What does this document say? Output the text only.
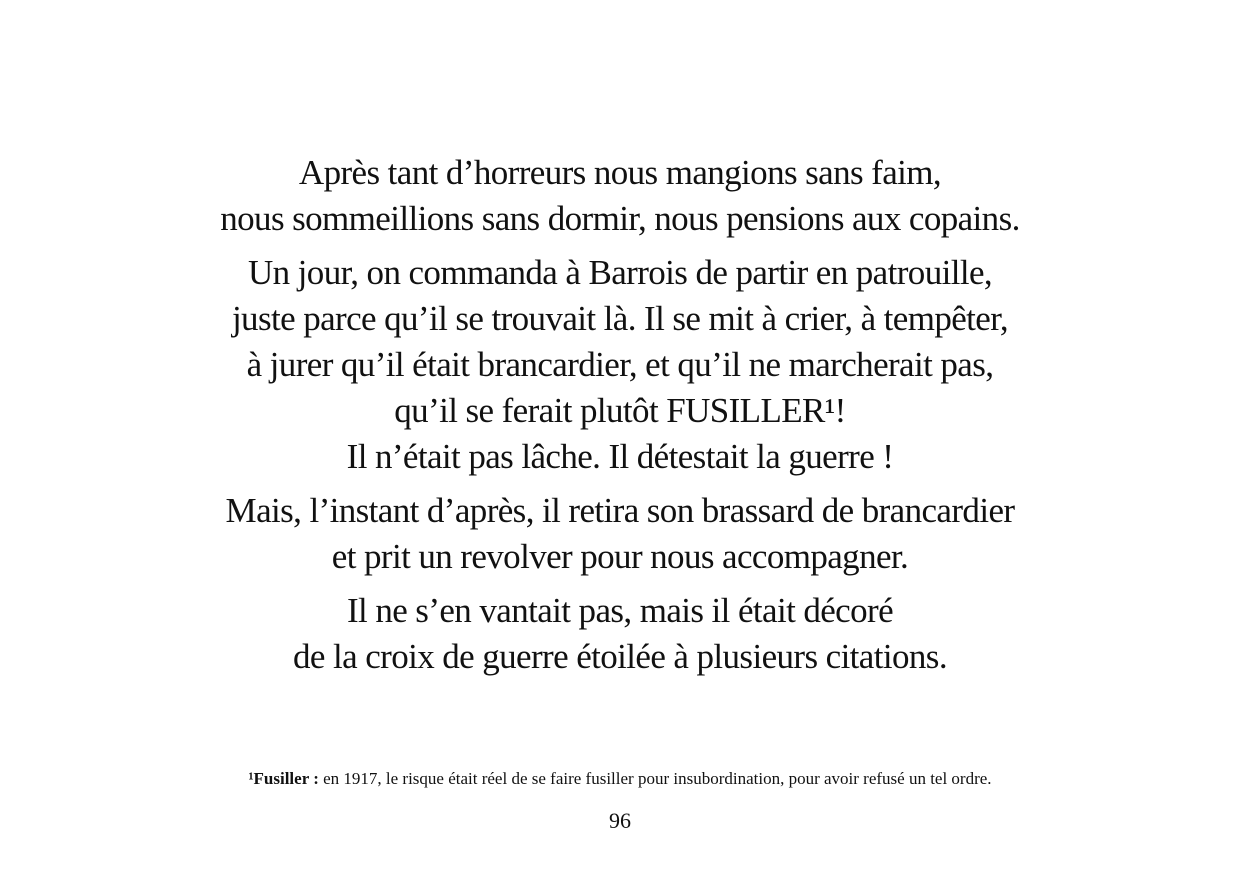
Après tant d’horreurs nous mangions sans faim,
nous sommeillions sans dormir, nous pensions aux copains.

Un jour, on commanda à Barrois de partir en patrouille,
juste parce qu’il se trouvait là. Il se mit à crier, à tempêter,
à jurer qu’il était brancardier, et qu’il ne marcherait pas,
qu’il se ferait plutôt FUSILLER¹!
Il n’était pas lâche. Il détestait la guerre !

Mais, l’instant d’après, il retira son brassard de brancardier
et prit un revolver pour nous accompagner.

Il ne s’en vantait pas, mais il était décoré
de la croix de guerre étoilée à plusieurs citations.

¹Fusiller : en 1917, le risque était réel de se faire fusiller pour insubordination, pour avoir refusé un tel ordre.
96
